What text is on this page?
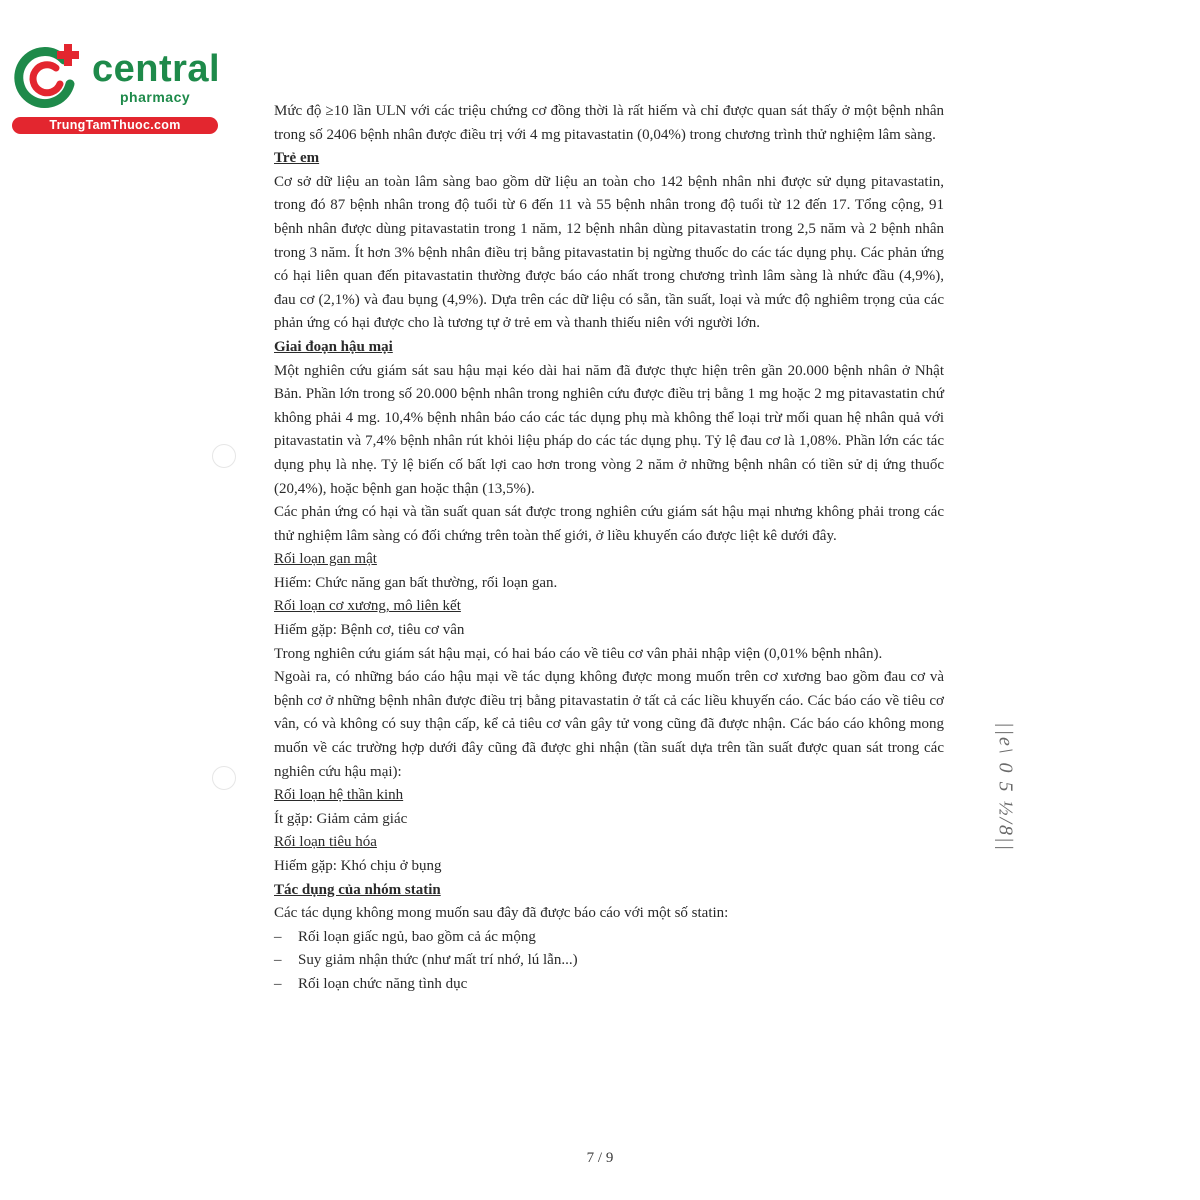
central
pharmacy
TrungTamThuoc.com

Mức độ ≥10 lần ULN với các triệu chứng cơ đồng thời là rất hiếm và chỉ được quan sát thấy ở một bệnh nhân trong số 2406 bệnh nhân được điều trị với 4 mg pitavastatin (0,04%) trong chương trình thử nghiệm lâm sàng.

Trẻ em

Cơ sở dữ liệu an toàn lâm sàng bao gồm dữ liệu an toàn cho 142 bệnh nhân nhi được sử dụng pitavastatin, trong đó 87 bệnh nhân trong độ tuổi từ 6 đến 11 và 55 bệnh nhân trong độ tuổi từ 12 đến 17. Tổng cộng, 91 bệnh nhân được dùng pitavastatin trong 1 năm, 12 bệnh nhân dùng pitavastatin trong 2,5 năm và 2 bệnh nhân trong 3 năm. Ít hơn 3% bệnh nhân điều trị bằng pitavastatin bị ngừng thuốc do các tác dụng phụ. Các phản ứng có hại liên quan đến pitavastatin thường được báo cáo nhất trong chương trình lâm sàng là nhức đầu (4,9%), đau cơ (2,1%) và đau bụng (4,9%). Dựa trên các dữ liệu có sẵn, tần suất, loại và mức độ nghiêm trọng của các phản ứng có hại được cho là tương tự ở trẻ em và thanh thiếu niên với người lớn.

Giai đoạn hậu mại

Một nghiên cứu giám sát sau hậu mại kéo dài hai năm đã được thực hiện trên gần 20.000 bệnh nhân ở Nhật Bản. Phần lớn trong số 20.000 bệnh nhân trong nghiên cứu được điều trị bằng 1 mg hoặc 2 mg pitavastatin chứ không phải 4 mg. 10,4% bệnh nhân báo cáo các tác dụng phụ mà không thể loại trừ mối quan hệ nhân quả với pitavastatin và 7,4% bệnh nhân rút khỏi liệu pháp do các tác dụng phụ. Tỷ lệ đau cơ là 1,08%. Phần lớn các tác dụng phụ là nhẹ. Tỷ lệ biến cố bất lợi cao hơn trong vòng 2 năm ở những bệnh nhân có tiền sử dị ứng thuốc (20,4%), hoặc bệnh gan hoặc thận (13,5%).

Các phản ứng có hại và tần suất quan sát được trong nghiên cứu giám sát hậu mại nhưng không phải trong các thử nghiệm lâm sàng có đối chứng trên toàn thế giới, ở liều khuyến cáo được liệt kê dưới đây.

Rối loạn gan mật

Hiếm: Chức năng gan bất thường, rối loạn gan.

Rối loạn cơ xương, mô liên kết

Hiếm gặp: Bệnh cơ, tiêu cơ vân

Trong nghiên cứu giám sát hậu mại, có hai báo cáo về tiêu cơ vân phải nhập viện (0,01% bệnh nhân).

Ngoài ra, có những báo cáo hậu mại về tác dụng không được mong muốn trên cơ xương bao gồm đau cơ và bệnh cơ ở những bệnh nhân được điều trị bằng pitavastatin ở tất cả các liều khuyến cáo. Các báo cáo về tiêu cơ vân, có và không có suy thận cấp, kể cả tiêu cơ vân gây tử vong cũng đã được nhận. Các báo cáo không mong muốn về các trường hợp dưới đây cũng đã được ghi nhận (tần suất dựa trên tần suất được quan sát trong các nghiên cứu hậu mại):

Rối loạn hệ thần kinh

Ít gặp: Giảm cảm giác

Rối loạn tiêu hóa

Hiếm gặp: Khó chịu ở bụng

Tác dụng của nhóm statin

Các tác dụng không mong muốn sau đây đã được báo cáo với một số statin:

–	Rối loạn giấc ngủ, bao gồm cả ác mộng
–	Suy giảm nhận thức (như mất trí nhớ, lú lẫn...)
–	Rối loạn chức năng tình dục
||e\ 0 5 ½/8||
7 / 9
